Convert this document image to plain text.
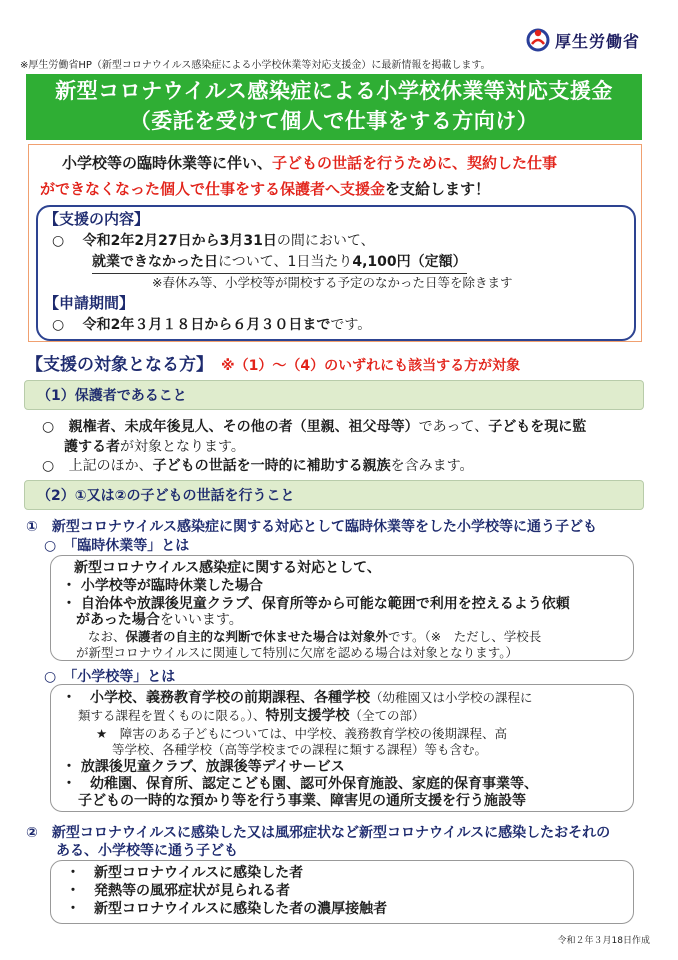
厚生労働省
※厚生労働省HP（新型コロナウイルス感染症による小学校休業等対応支援金）に最新情報を掲載します。
新型コロナウイルス感染症による小学校休業等対応支援金
（委託を受けて個人で仕事をする方向け）
小学校等の臨時休業等に伴い、子どもの世話を行うために、契約した仕事
ができなくなった個人で仕事をする保護者へ支援金を支給します！
【支援の内容】
○ 令和2年2月27日から3月31日の間において、
就業できなかった日について、1日当たり4,100円（定額）
※春休み等、小学校等が開校する予定のなかった日等を除きます
【申請期間】
○ 令和2年３月１８日から６月３０日までです。
【支援の対象となる方】 ※（1）～（4）のいずれにも該当する方が対象
（1）保護者であること
○ 親権者、未成年後見人、その他の者（里親、祖父母等）であって、子どもを現に監
護する者が対象となります。
○ 上記のほか、子どもの世話を一時的に補助する親族を含みます。
（2）①又は②の子どもの世話を行うこと
①　新型コロナウイルス感染症に関する対応として臨時休業等をした小学校等に通う子ども
○　「臨時休業等」とは
新型コロナウイルス感染症に関する対応として、
・ 小学校等が臨時休業した場合
・ 自治体や放課後児童クラブ、保育所等から可能な範囲で利用を控えるよう依頼
があった場合をいいます。
なお、保護者の自主的な判断で休ませた場合は対象外です。（※　ただし、学校長
が新型コロナウイルスに関連して特別に欠席を認める場合は対象となります。）
○　「小学校等」とは
・　小学校、義務教育学校の前期課程、各種学校（幼稚園又は小学校の課程に
類する課程を置くものに限る。）、特別支援学校（全ての部）
★　障害のある子どもについては、中学校、義務教育学校の後期課程、高
等学校、各種学校（高等学校までの課程に類する課程）等も含む。
・ 放課後児童クラブ、放課後等デイサービス
・　幼稚園、保育所、認定こども園、認可外保育施設、家庭的保育事業等、
子どもの一時的な預かり等を行う事業、障害児の通所支援を行う施設等
②　新型コロナウイルスに感染した又は風邪症状など新型コロナウイルスに感染したおそれの
ある、小学校等に通う子ども
・　新型コロナウイルスに感染した者
・　発熱等の風邪症状が見られる者
・　新型コロナウイルスに感染した者の濃厚接触者
令和２年３月18日作成
